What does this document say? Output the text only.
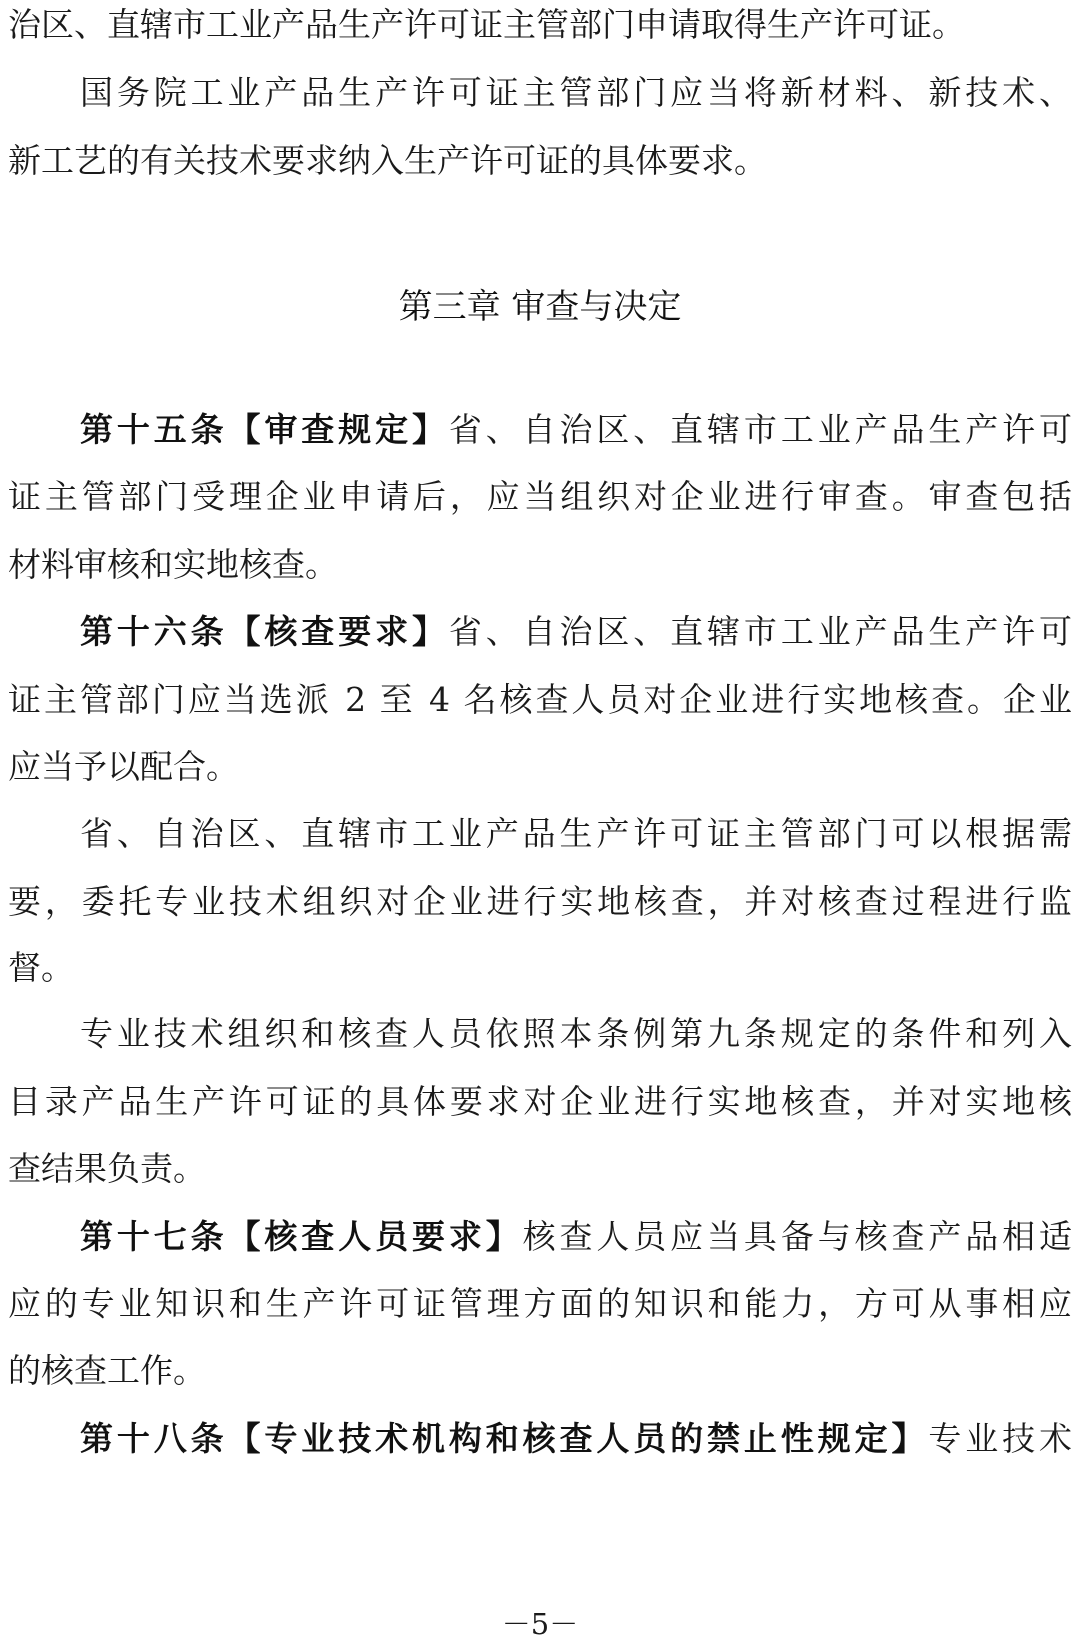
治区、直辖市工业产品生产许可证主管部门申请取得生产许可证。
国务院工业产品生产许可证主管部门应当将新材料、新技术、
新工艺的有关技术要求纳入生产许可证的具体要求。
第三章 审查与决定
第十五条【审查规定】省、自治区、直辖市工业产品生产许可
证主管部门受理企业申请后，应当组织对企业进行审查。审查包括
材料审核和实地核查。
第十六条【核查要求】省、自治区、直辖市工业产品生产许可
证主管部门应当选派 2 至 4 名核查人员对企业进行实地核查。企业
应当予以配合。
省、自治区、直辖市工业产品生产许可证主管部门可以根据需
要，委托专业技术组织对企业进行实地核查，并对核查过程进行监
督。
专业技术组织和核查人员依照本条例第九条规定的条件和列入
目录产品生产许可证的具体要求对企业进行实地核查，并对实地核
查结果负责。
第十七条【核查人员要求】核查人员应当具备与核查产品相适
应的专业知识和生产许可证管理方面的知识和能力，方可从事相应
的核查工作。
第十八条【专业技术机构和核查人员的禁止性规定】专业技术
－5－
